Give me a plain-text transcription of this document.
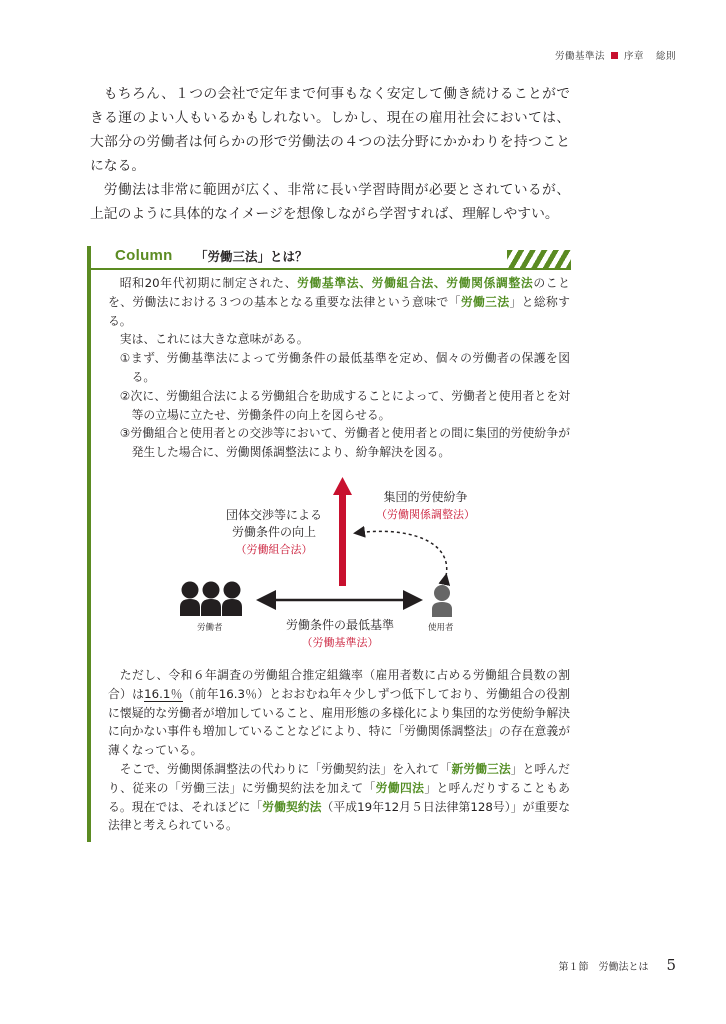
労働基準法 序章 総則

もちろん、１つの会社で定年まで何事もなく安定して働き続けることができる運のよい人もいるかもしれない。しかし、現在の雇用社会においては、大部分の労働者は何らかの形で労働法の４つの法分野にかかわりを持つことになる。

労働法は非常に範囲が広く、非常に長い学習時間が必要とされているが、上記のように具体的なイメージを想像しながら学習すれば、理解しやすい。

Column 「労働三法」とは？

昭和20年代初期に制定された、労働基準法、労働組合法、労働関係調整法のことを、労働法における３つの基本となる重要な法律という意味で「労働三法」と総称する。

実は、これには大きな意味がある。

①まず、労働基準法によって労働条件の最低基準を定め、個々の労働者の保護を図る。

②次に、労働組合法による労働組合を助成することによって、労働者と使用者とを対等の立場に立たせ、労働条件の向上を図らせる。

③労働組合と使用者との交渉等において、労働者と使用者との間に集団的労使紛争が発生した場合に、労働関係調整法により、紛争解決を図る。

団体交渉等による
労働条件の向上
（労働組合法）
集団的労使紛争
（労働関係調整法）
労働条件の最低基準
（労働基準法）
労働者	使用者

ただし、令和６年調査の労働組合推定組織率（雇用者数に占める労働組合員数の割合）は16.1％（前年16.3％）とおおむね年々少しずつ低下しており、労働組合の役割に懐疑的な労働者が増加していること、雇用形態の多様化により集団的な労使紛争解決に向かない事件も増加していることなどにより、特に「労働関係調整法」の存在意義が薄くなっている。

そこで、労働関係調整法の代わりに「労働契約法」を入れて「新労働三法」と呼んだり、従来の「労働三法」に労働契約法を加えて「労働四法」と呼んだりすることもある。現在では、それほどに「労働契約法（平成19年12月５日法律第128号）」が重要な法律と考えられている。

第１節　労働法とは 5
